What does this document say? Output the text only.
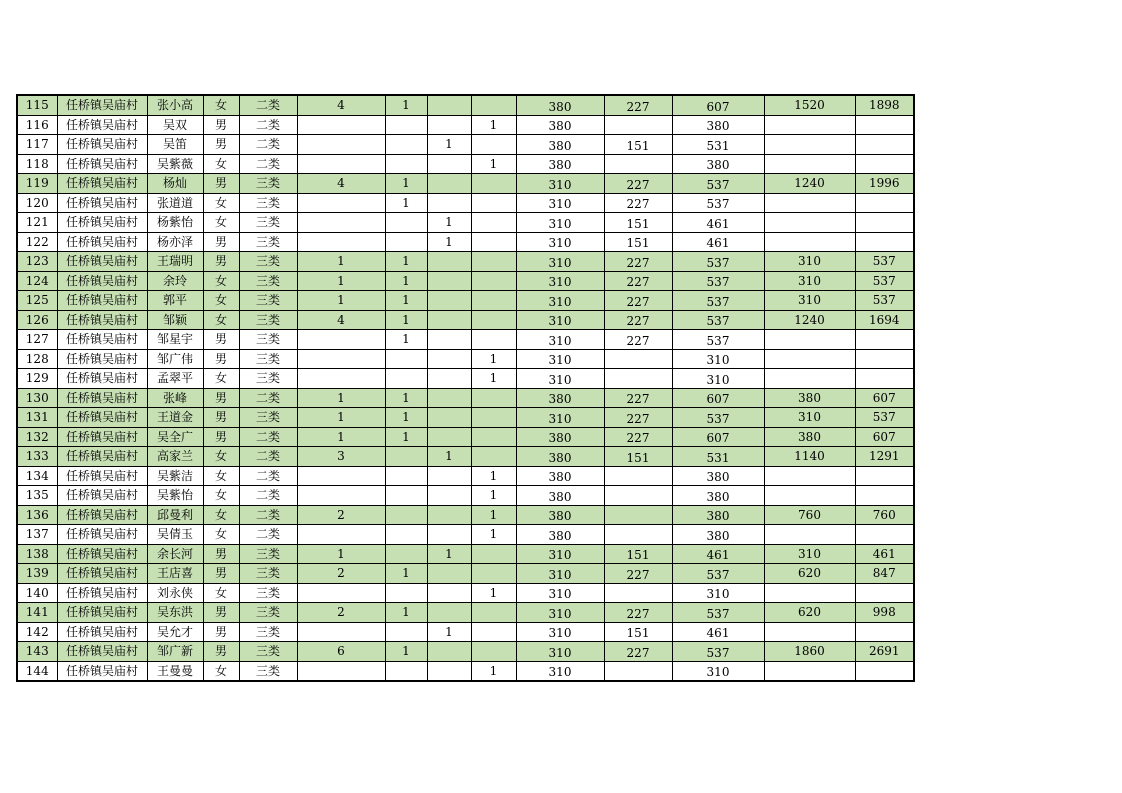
115	任桥镇吴庙村	张小高	女	二类	4	1			380	227	607	1520	1898
116	任桥镇吴庙村	吴双	男	二类				1	380		380		
117	任桥镇吴庙村	吴笛	男	二类			1		380	151	531		
118	任桥镇吴庙村	吴紫薇	女	二类				1	380		380		
119	任桥镇吴庙村	杨灿	男	三类	4	1			310	227	537	1240	1996
120	任桥镇吴庙村	张道道	女	三类		1			310	227	537		
121	任桥镇吴庙村	杨紫怡	女	三类			1		310	151	461		
122	任桥镇吴庙村	杨亦泽	男	三类			1		310	151	461		
123	任桥镇吴庙村	王瑞明	男	三类	1	1			310	227	537	310	537
124	任桥镇吴庙村	余玲	女	三类	1	1			310	227	537	310	537
125	任桥镇吴庙村	郭平	女	三类	1	1			310	227	537	310	537
126	任桥镇吴庙村	邹颖	女	三类	4	1			310	227	537	1240	1694
127	任桥镇吴庙村	邹星宇	男	三类		1			310	227	537		
128	任桥镇吴庙村	邹广伟	男	三类				1	310		310		
129	任桥镇吴庙村	孟翠平	女	三类				1	310		310		
130	任桥镇吴庙村	张峰	男	二类	1	1			380	227	607	380	607
131	任桥镇吴庙村	王道金	男	三类	1	1			310	227	537	310	537
132	任桥镇吴庙村	吴全广	男	二类	1	1			380	227	607	380	607
133	任桥镇吴庙村	高家兰	女	二类	3		1		380	151	531	1140	1291
134	任桥镇吴庙村	吴紫洁	女	二类				1	380		380		
135	任桥镇吴庙村	吴紫怡	女	二类				1	380		380		
136	任桥镇吴庙村	邱曼利	女	二类	2			1	380		380	760	760
137	任桥镇吴庙村	吴倩玉	女	二类				1	380		380		
138	任桥镇吴庙村	余长河	男	三类	1		1		310	151	461	310	461
139	任桥镇吴庙村	王店喜	男	三类	2	1			310	227	537	620	847
140	任桥镇吴庙村	刘永侠	女	三类				1	310		310		
141	任桥镇吴庙村	吴东洪	男	三类	2	1			310	227	537	620	998
142	任桥镇吴庙村	吴允才	男	三类			1		310	151	461		
143	任桥镇吴庙村	邹广新	男	三类	6	1			310	227	537	1860	2691
144	任桥镇吴庙村	王曼曼	女	三类				1	310		310		
